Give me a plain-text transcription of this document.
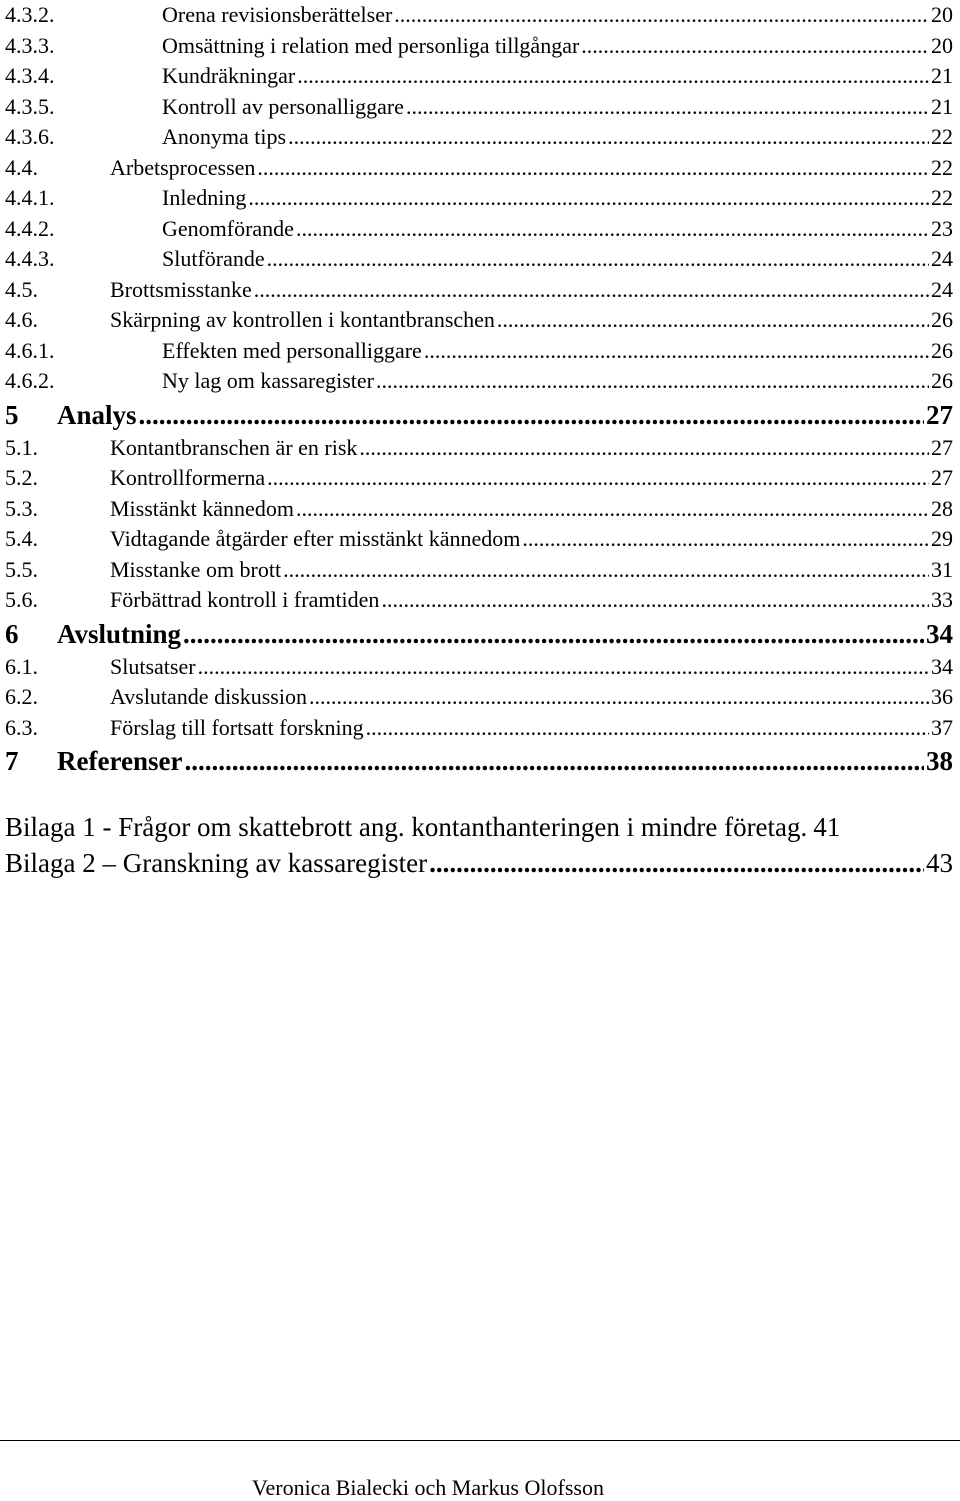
4.3.2.	Orena revisionsberättelser .....	20
4.3.3.	Omsättning i relation med personliga tillgångar .....	20
4.3.4.	Kundräkningar .....	21
4.3.5.	Kontroll av personalliggare .....	21
4.3.6.	Anonyma tips .....	22
4.4.	Arbetsprocessen .....	22
4.4.1.	Inledning .....	22
4.4.2.	Genomförande .....	23
4.4.3.	Slutförande .....	24
4.5.	Brottsmisstanke .....	24
4.6.	Skärpning av kontrollen i kontantbranschen .....	26
4.6.1.	Effekten med personalliggare .....	26
4.6.2.	Ny lag om kassaregister .....	26
5	Analys .....	27
5.1.	Kontantbranschen är en risk .....	27
5.2.	Kontrollformerna .....	27
5.3.	Misstänkt kännedom .....	28
5.4.	Vidtagande åtgärder efter misstänkt kännedom .....	29
5.5.	Misstanke om brott .....	31
5.6.	Förbättrad kontroll i framtiden .....	33
6	Avslutning .....	34
6.1.	Slutsatser .....	34
6.2.	Avslutande diskussion .....	36
6.3.	Förslag till fortsatt forskning .....	37
7	Referenser .....	38
Bilaga 1 - Frågor om skattebrott ang. kontanthanteringen i mindre företag. 41
Bilaga 2 – Granskning av kassaregister .....	43
Veronica Bialecki och Markus Olofsson
